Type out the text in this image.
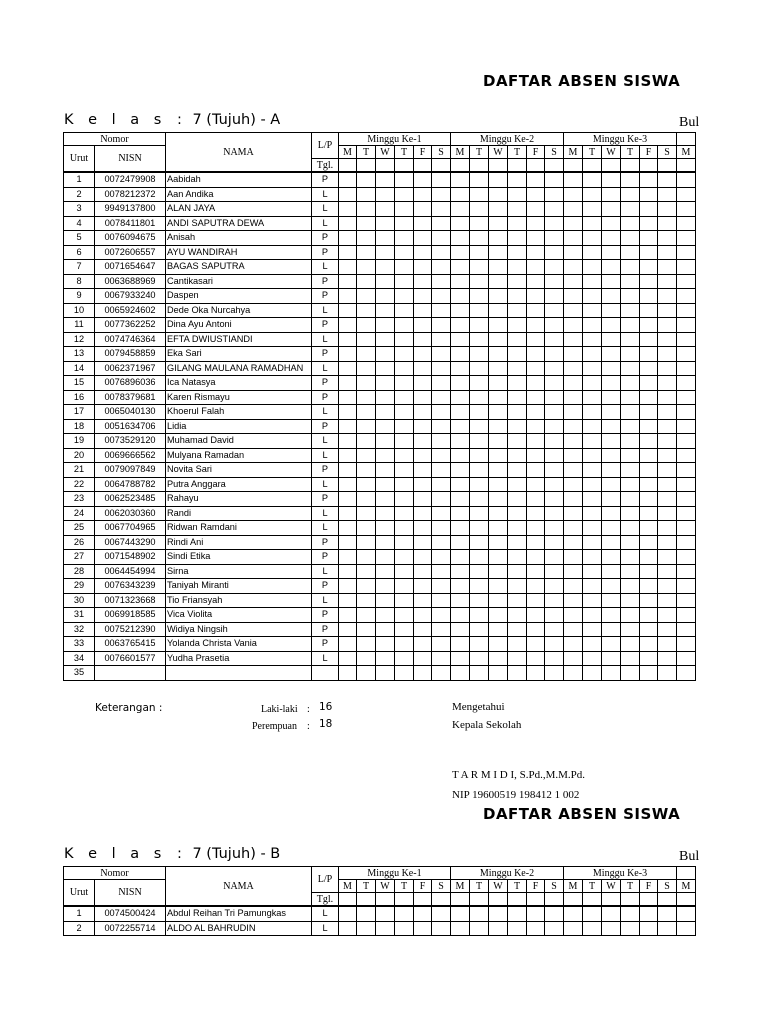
DAFTAR ABSEN SISWA
K e l a s : 7 (Tujuh) - A	Bul
Nomor		NAMA	L/P	Minggu Ke-1						Minggu Ke-2						Minggu Ke-3						
Urut	NISN			M	T	W	T	F	S	M	T	W	T	F	S	M	T	W	T	F	S	M
			Tgl.																			
1	0072479908	Aabidah	P																			
2	0078212372	Aan Andika	L																			
3	9949137800	ALAN JAYA	L																			
4	0078411801	ANDI SAPUTRA DEWA	L																			
5	0076094675	Anisah	P																			
6	0072606557	AYU WANDIRAH	P																			
7	0071654647	BAGAS SAPUTRA	L																			
8	0063688969	Cantikasari	P																			
9	0067933240	Daspen	P																			
10	0065924602	Dede Oka Nurcahya	L																			
11	0077362252	Dina Ayu Antoni	P																			
12	0074746364	EFTA DWIUSTIANDI	L																			
13	0079458859	Eka Sari	P																			
14	0062371967	GILANG MAULANA RAMADHAN	L																			
15	0076896036	Ica Natasya	P																			
16	0078379681	Karen Rismayu	P																			
17	0065040130	Khoerul Falah	L																			
18	0051634706	Lidia	P																			
19	0073529120	Muhamad David	L																			
20	0069666562	Mulyana Ramadan	L																			
21	0079097849	Novita Sari	P																			
22	0064788782	Putra Anggara	L																			
23	0062523485	Rahayu	P																			
24	0062030360	Randi	L																			
25	0067704965	Ridwan Ramdani	L																			
26	0067443290	Rindi Ani	P																			
27	0071548902	Sindi Etika	P																			
28	0064454994	Sirna	L																			
29	0076343239	Taniyah Miranti	P																			
30	0071323668	Tio Friansyah	L																			
31	0069918585	Vica Violita	P																			
32	0075212390	Widiya Ningsih	P																			
33	0063765415	Yolanda Christa Vania	P																			
34	0076601577	Yudha Prasetia	L																			
35																						
Keterangan :	Laki-laki : 16
Perempuan : 18
Mengetahui
Kepala Sekolah
T A R M I D I, S.Pd.,M.M.Pd.
NIP 19600519 198412 1 002
DAFTAR ABSEN SISWA
K e l a s : 7 (Tujuh) - B	Bul
Nomor		NAMA	L/P	Minggu Ke-1						Minggu Ke-2						Minggu Ke-3						
Urut	NISN			M	T	W	T	F	S	M	T	W	T	F	S	M	T	W	T	F	S	M
			Tgl.																			
1	0074500424	Abdul Reihan Tri Pamungkas	L																			
2	0072255714	ALDO AL BAHRUDIN	L																			
